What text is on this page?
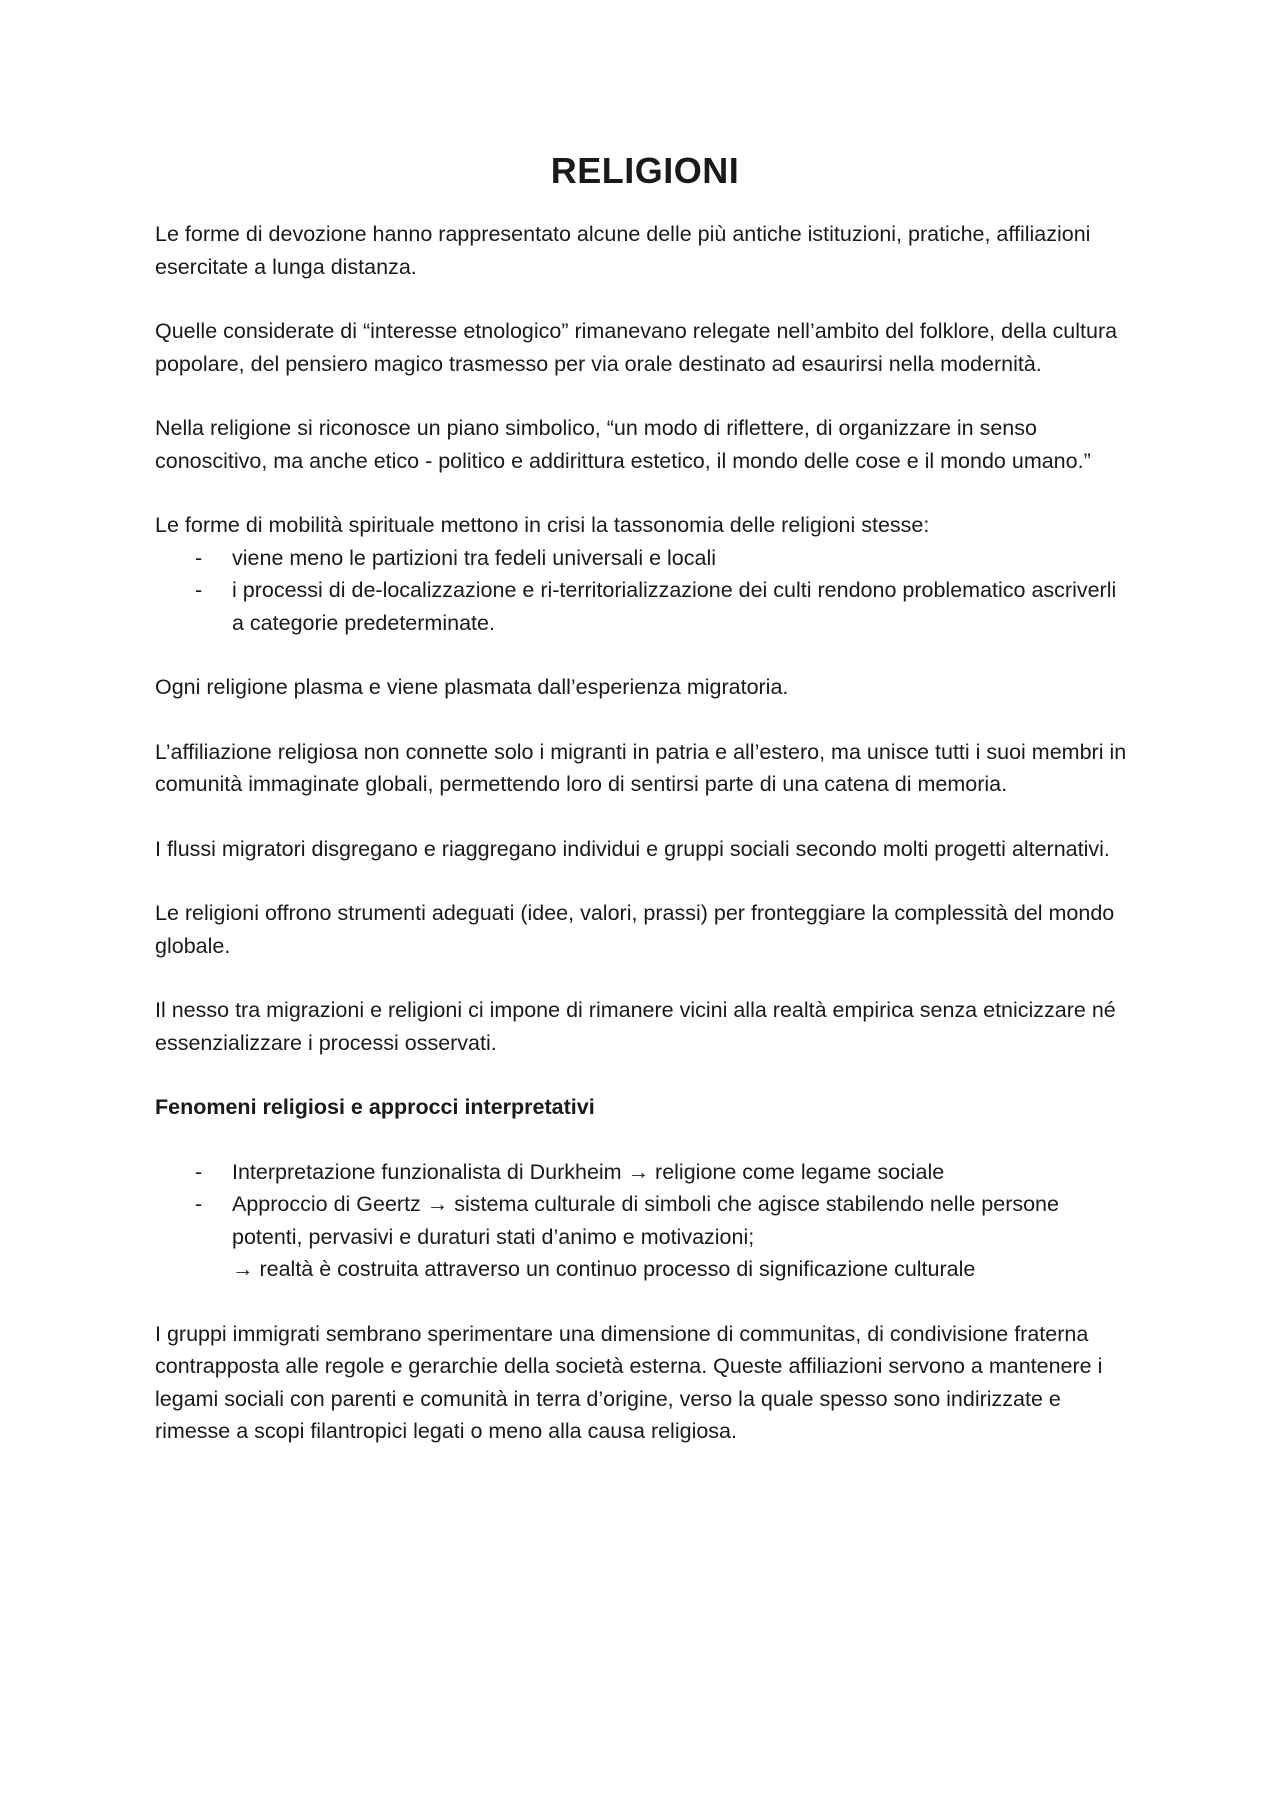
RELIGIONI

Le forme di devozione hanno rappresentato alcune delle più antiche istituzioni, pratiche, affiliazioni esercitate a lunga distanza.

Quelle considerate di “interesse etnologico” rimanevano relegate nell’ambito del folklore, della cultura popolare, del pensiero magico trasmesso per via orale destinato ad esaurirsi nella modernità.

Nella religione si riconosce un piano simbolico, “un modo di riflettere, di organizzare in senso conoscitivo, ma anche etico - politico e addirittura estetico, il mondo delle cose e il mondo umano.”

Le forme di mobilità spirituale mettono in crisi la tassonomia delle religioni stesse:

- viene meno le partizioni tra fedeli universali e locali
- i processi di de-localizzazione e ri-territorializzazione dei culti rendono problematico ascriverli a categorie predeterminate.

Ogni religione plasma e viene plasmata dall’esperienza migratoria.

L’affiliazione religiosa non connette solo i migranti in patria e all’estero, ma unisce tutti i suoi membri in comunità immaginate globali, permettendo loro di sentirsi parte di una catena di memoria.

I flussi migratori disgregano e riaggregano individui e gruppi sociali secondo molti progetti alternativi.

Le religioni offrono strumenti adeguati (idee, valori, prassi) per fronteggiare la complessità del mondo globale.

Il nesso tra migrazioni e religioni ci impone di rimanere vicini alla realtà empirica senza etnicizzare né essenzializzare i processi osservati.

Fenomeni religiosi e approcci interpretativi

- Interpretazione funzionalista di Durkheim → religione come legame sociale
- Approccio di Geertz → sistema culturale di simboli che agisce stabilendo nelle persone potenti, pervasivi e duraturi stati d’animo e motivazioni;
→ realtà è costruita attraverso un continuo processo di significazione culturale

I gruppi immigrati sembrano sperimentare una dimensione di communitas, di condivisione fraterna contrapposta alle regole e gerarchie della società esterna. Queste affiliazioni servono a mantenere i legami sociali con parenti e comunità in terra d’origine, verso la quale spesso sono indirizzate e rimesse a scopi filantropici legati o meno alla causa religiosa.
